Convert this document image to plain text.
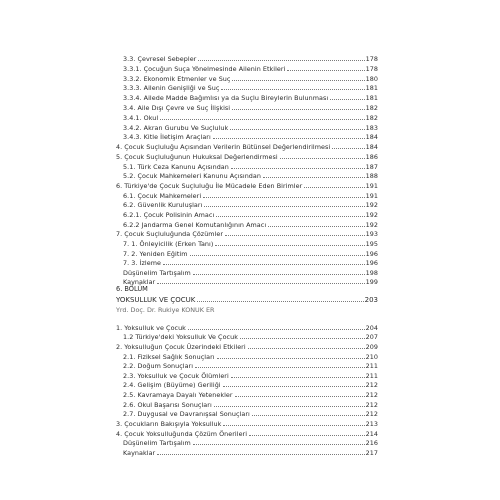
3.3. Çevresel Sebepler	178
3.3.1. Çocuğun Suça Yönelmesinde Ailenin Etkileri	178
3.3.2. Ekonomik Etmenler ve Suç	180
3.3.3. Ailenin Genişliği ve Suç	181
3.3.4. Ailede Madde Bağımlısı ya da Suçlu Bireylerin Bulunması	181
3.4. Aile Dışı Çevre ve Suç İlişkisi	182
3.4.1. Okul	182
3.4.2. Akran Gurubu Ve Suçluluk	183
3.4.3. Kitle İletişim Araçları	184
4. Çocuk Suçluluğu Açısından Verilerin Bütünsel Değerlendirilmesi	184
5. Çocuk Suçluluğunun Hukuksal Değerlendirmesi	186
5.1. Türk Ceza Kanunu Açısından	187
5.2. Çocuk Mahkemeleri Kanunu Açısından	188
6. Türkiye'de Çocuk Suçluluğu İle Mücadele Eden Birimler	191
6.1. Çocuk Mahkemeleri	191
6.2. Güvenlik Kuruluşları	192
6.2.1. Çocuk Polisinin Amacı	192
6.2.2 Jandarma Genel Komutanlığının Amacı	192
7. Çocuk Suçluluğunda Çözümler	193
7. 1. Önleyicilik (Erken Tanı)	195
7. 2. Yeniden Eğitim	196
7. 3. İzleme	196
Düşünelim Tartışalım	198
Kaynaklar	199
6. BÖLÜM
YOKSULLUK VE ÇOCUK	203
Yrd. Doç. Dr. Rukiye KONUK ER
1. Yoksulluk ve Çocuk	204
1.2 Türkiye'deki Yoksulluk Ve Çocuk	207
2. Yoksulluğun Çocuk Üzerindeki Etkileri	209
2.1. Fiziksel Sağlık Sonuçları	210
2.2. Doğum Sonuçları	211
2.3. Yoksulluk ve Çocuk Ölümleri	211
2.4. Gelişim (Büyüme) Geriliği	212
2.5. Kavramaya Dayalı Yetenekler	212
2.6. Okul Başarısı Sonuçları	212
2.7. Duygusal ve Davranışsal Sonuçları	212
3. Çocukların Bakışıyla Yoksulluk	213
4. Çocuk Yoksulluğunda Çözüm Önerileri	214
Düşünelim Tartışalım	216
Kaynaklar	217
